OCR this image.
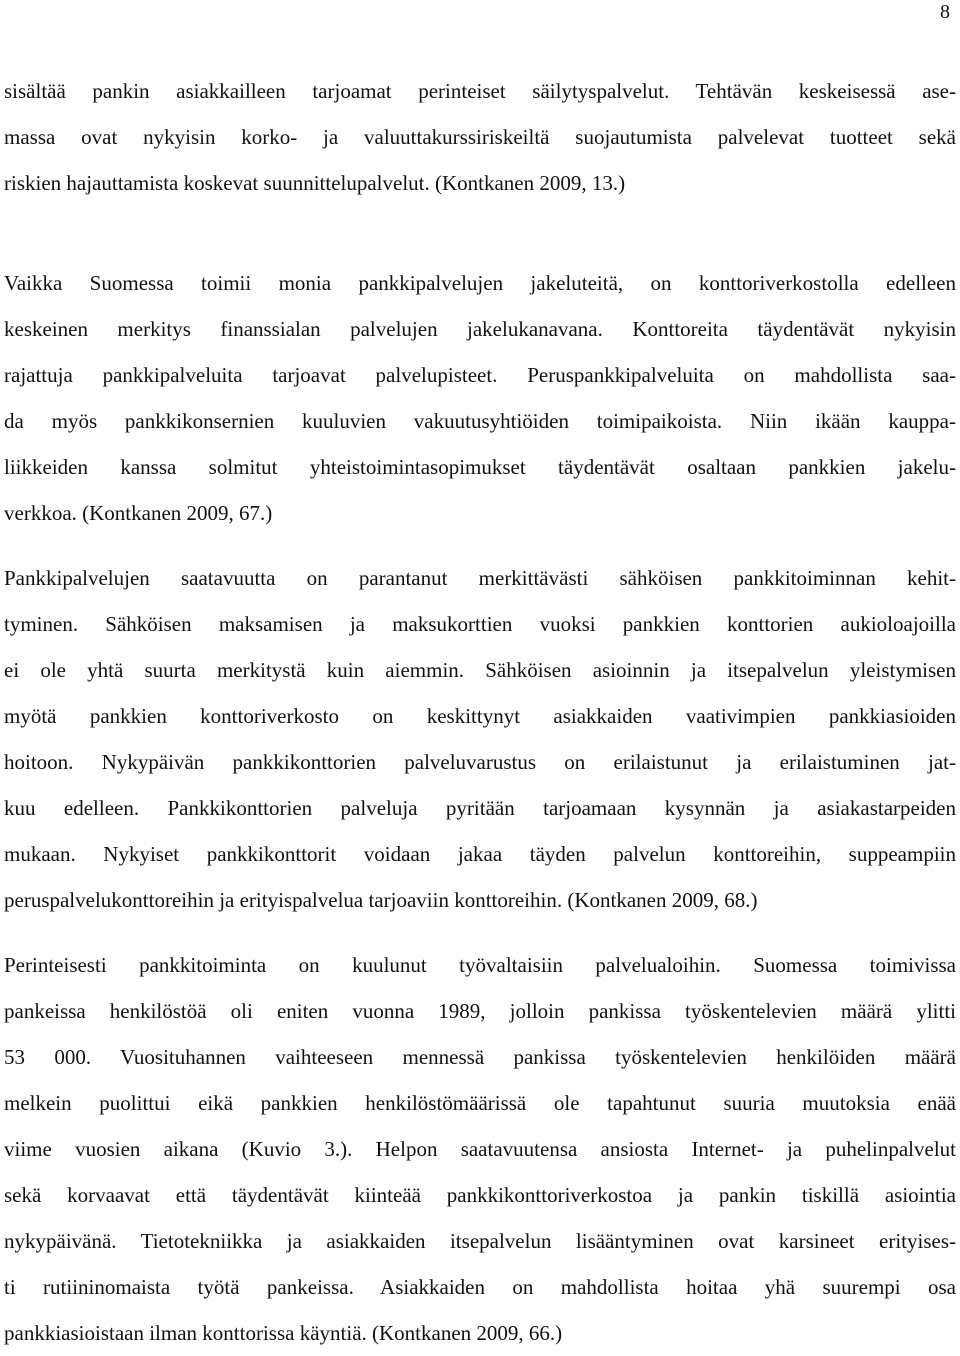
8
sisältää pankin asiakkailleen tarjoamat perinteiset säilytyspalvelut. Tehtävän keskeisessä ase-
massa ovat nykyisin korko- ja valuuttakurssiriskeiltä suojautumista palvelevat tuotteet sekä
riskien hajauttamista koskevat suunnittelupalvelut. (Kontkanen 2009, 13.)
Vaikka Suomessa toimii monia pankkipalvelujen jakeluteitä, on konttoriverkostolla edelleen
keskeinen merkitys finanssialan palvelujen jakelukanavana. Konttoreita täydentävät nykyisin
rajattuja pankkipalveluita tarjoavat palvelupisteet. Peruspankkipalveluita on mahdollista saa-
da myös pankkikonsernien kuuluvien vakuutusyhtiöiden toimipaikoista. Niin ikään kauppa-
liikkeiden kanssa solmitut yhteistoimintasopimukset täydentävät osaltaan pankkien jakelu-
verkkoa. (Kontkanen 2009, 67.)
Pankkipalvelujen saatavuutta on parantanut merkittävästi sähköisen pankkitoiminnan kehit-
tyminen. Sähköisen maksamisen ja maksukorttien vuoksi pankkien konttorien aukioloajoilla
ei ole yhtä suurta merkitystä kuin aiemmin. Sähköisen asioinnin ja itsepalvelun yleistymisen
myötä pankkien konttoriverkosto on keskittynyt asiakkaiden vaativimpien pankkiasioiden
hoitoon. Nykypäivän pankkikonttorien palveluvarustus on erilaistunut ja erilaistuminen jat-
kuu edelleen. Pankkikonttorien palveluja pyritään tarjoamaan kysynnän ja asiakastarpeiden
mukaan. Nykyiset pankkikonttorit voidaan jakaa täyden palvelun konttoreihin, suppeampiin
peruspalvelukonttoreihin ja erityispalvelua tarjoaviin konttoreihin. (Kontkanen 2009, 68.)
Perinteisesti pankkitoiminta on kuulunut työvaltaisiin palvelualoihin. Suomessa toimivissa
pankeissa henkilöstöä oli eniten vuonna 1989, jolloin pankissa työskentelevien määrä ylitti
53 000. Vuosituhannen vaihteeseen mennessä pankissa työskentelevien henkilöiden määrä
melkein puolittui eikä pankkien henkilöstömäärissä ole tapahtunut suuria muutoksia enää
viime vuosien aikana (Kuvio 3.). Helpon saatavuutensa ansiosta Internet- ja puhelinpalvelut
sekä korvaavat että täydentävät kiinteää pankkikonttoriverkostoa ja pankin tiskillä asiointia
nykypäivänä. Tietotekniikka ja asiakkaiden itsepalvelun lisääntyminen ovat karsineet erityises-
ti rutiininomaista työtä pankeissa. Asiakkaiden on mahdollista hoitaa yhä suurempi osa
pankkiasioistaan ilman konttorissa käyntiä. (Kontkanen 2009, 66.)
